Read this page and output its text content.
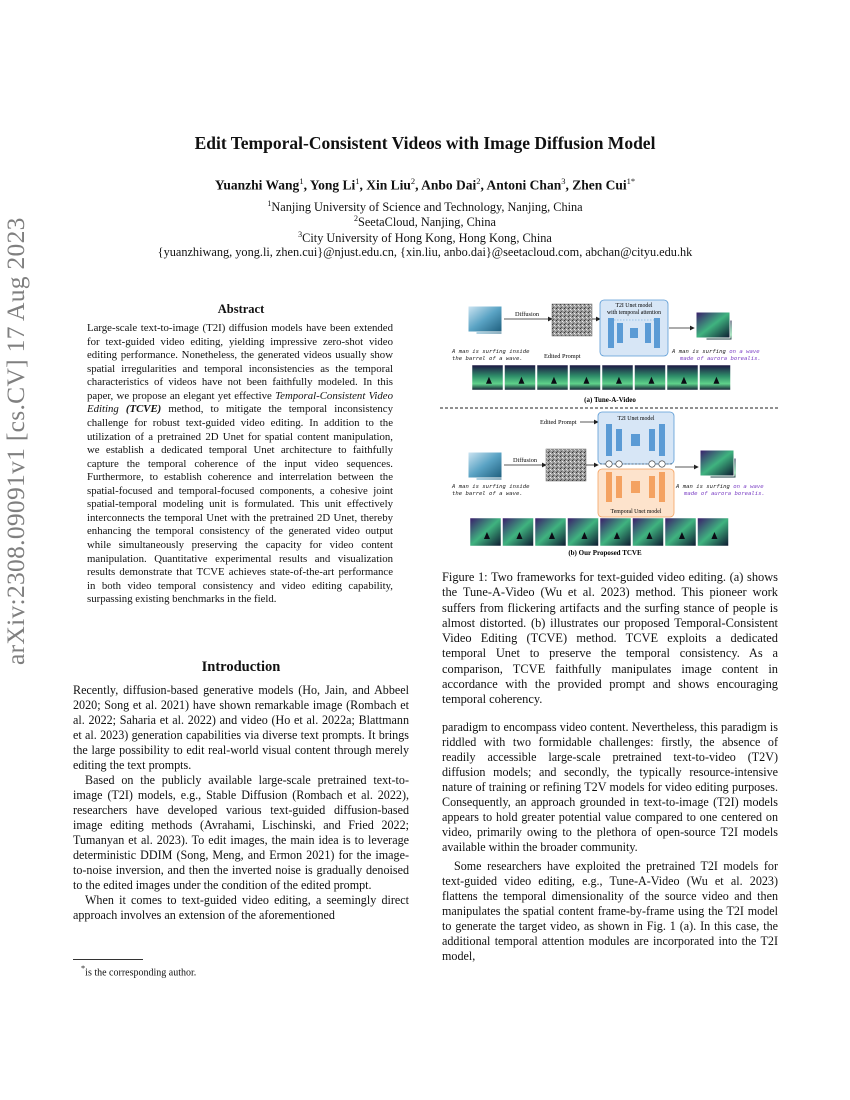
arXiv:2308.09091v1 [cs.CV] 17 Aug 2023
Edit Temporal-Consistent Videos with Image Diffusion Model
Yuanzhi Wang$^1$, Yong Li$^1$, Xin Liu$^2$, Anbo Dai$^2$, Antoni Chan$^3$, Zhen Cui$^{1*}$
$^1$Nanjing University of Science and Technology, Nanjing, China
$^2$SeetaCloud, Nanjing, China
$^3$City University of Hong Kong, Hong Kong, China
{yuanzhiwang, yong.li, zhen.cui}@njust.edu.cn, {xin.liu, anbo.dai}@seetacloud.com, abchan@cityu.edu.hk
Abstract
Large-scale text-to-image (T2I) diffusion models have been extended for text-guided video editing, yielding impressive zero-shot video editing performance. Nonetheless, the generated videos usually show spatial irregularities and temporal inconsistencies as the temporal characteristics of videos have not been faithfully modeled. In this paper, we propose an elegant yet effective Temporal-Consistent Video Editing (TCVE) method, to mitigate the temporal inconsistency challenge for robust text-guided video editing. In addition to the utilization of a pretrained 2D Unet for spatial content manipulation, we establish a dedicated temporal Unet architecture to faithfully capture the temporal coherence of the input video sequences. Furthermore, to establish coherence and interrelation between the spatial-focused and temporal-focused components, a cohesive joint spatial-temporal modeling unit is formulated. This unit effectively interconnects the temporal Unet with the pretrained 2D Unet, thereby enhancing the temporal consistency of the generated video output while simultaneously preserving the capacity for video content manipulation. Quantitative experimental results and visualization results demonstrate that TCVE achieves state-of-the-art performance in both video temporal consistency and video editing capability, surpassing existing benchmarks in the field.
Introduction

Recently, diffusion-based generative models (Ho, Jain, and Abbeel 2020; Song et al. 2021) have shown remarkable image (Rombach et al. 2022; Saharia et al. 2022) and video (Ho et al. 2022a; Blattmann et al. 2023) generation capabilities via diverse text prompts. It brings the large possibility to edit real-world visual content through merely editing the text prompts.

Based on the publicly available large-scale pretrained text-to-image (T2I) models, e.g., Stable Diffusion (Rombach et al. 2022), researchers have developed various text-guided diffusion-based image editing methods (Avrahami, Lischinski, and Fried 2022; Tumanyan et al. 2023). To edit images, the main idea is to leverage deterministic DDIM (Song, Meng, and Ermon 2021) for the image-to-noise inversion, and then the inverted noise is gradually denoised to the edited images under the condition of the edited prompt.

When it comes to text-guided video editing, a seemingly direct approach involves an extension of the aforementioned

*is the corresponding author.

paradigm to encompass video content. Nevertheless, this paradigm is riddled with two formidable challenges: firstly, the absence of readily accessible large-scale pretrained text-to-video (T2V) diffusion models; and secondly, the typically resource-intensive nature of training or refining T2V models for video editing purposes. Consequently, an approach grounded in text-to-image (T2I) models appears to hold greater potential value compared to one centered on video, primarily owing to the plethora of open-source T2I models available within the broader community.

Some researchers have exploited the pretrained T2I models for text-guided video editing, e.g., Tune-A-Video (Wu et al. 2023) flattens the temporal dimensionality of the source video and then manipulates the spatial content frame-by-frame using the T2I model to generate the target video, as shown in Fig. 1 (a). In this case, the additional temporal attention modules are incorporated into the T2I model,

Diffusion
Edited Prompt
T2I Unet model
with temporal attention
A man is surfing inside
the barrel of a wave.
A man is surfing on a wave
made of aurora borealis.
(a) Tune-A-Video
Edited Prompt
Diffusion
T2I Unet model
Temporal Unet model
A man is surfing inside
the barrel of a wave.
A man is surfing on a wave
made of aurora borealis.
(b) Our Proposed TCVE
Figure 1: Two frameworks for text-guided video editing. (a) shows the Tune-A-Video (Wu et al. 2023) method. This pioneer work suffers from flickering artifacts and the surfing stance of people is almost distorted. (b) illustrates our proposed Temporal-Consistent Video Editing (TCVE) method. TCVE exploits a dedicated temporal Unet to preserve the temporal consistency. As a comparison, TCVE faithfully manipulates image content in accordance with the provided prompt and shows encouraging temporal coherency.
